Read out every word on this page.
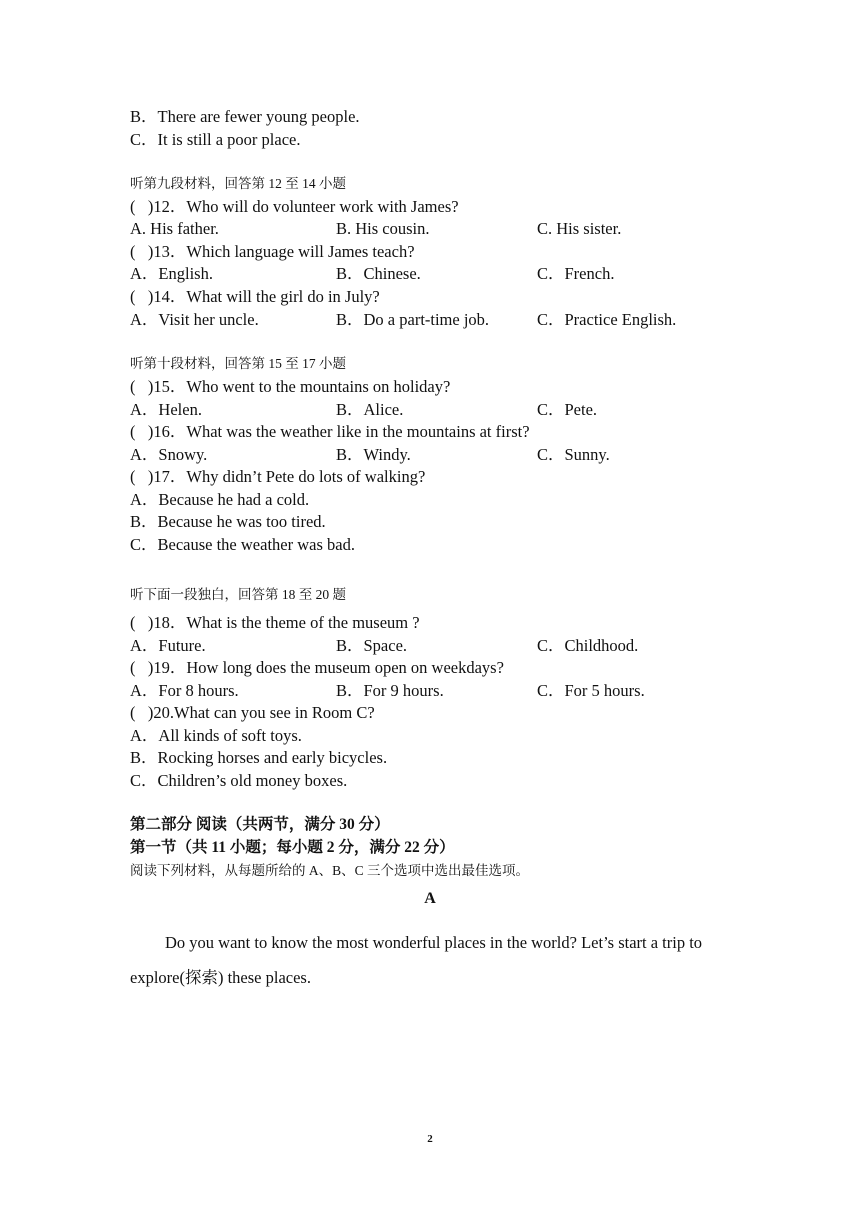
B．There are fewer young people.
C．It is still a poor place.
听第九段材料，回答第 12 至 14 小题
(   )12．Who will do volunteer work with James?
A. His father.	B. His cousin.	C. His sister.
(   )13．Which language will James teach?
A．English.	B．Chinese.	C．French.
(   )14．What will the girl do in July?
A．Visit her uncle.	B．Do a part-time job.	C．Practice English.
听第十段材料，回答第 15 至 17 小题
(   )15．Who went to the mountains on holiday?
A．Helen.	B．Alice.	C．Pete.
(   )16．What was the weather like in the mountains at first?
A．Snowy.	B．Windy.	C．Sunny.
(   )17．Why didn’t Pete do lots of walking?
A．Because he had a cold.
B．Because he was too tired.
C．Because the weather was bad.
听下面一段独白，回答第 18 至 20 题
(   )18．What is the theme of the museum ?
A．Future.	B．Space.	C．Childhood.
(   )19．How long does the museum open on weekdays?
A．For 8 hours.	B．For 9 hours.	C．For 5 hours.
(   )20.What can you see in Room C?
A．All kinds of soft toys.
B．Rocking horses and early bicycles.
C．Children’s old money boxes.
第二部分 阅读（共两节，满分 30 分）
第一节（共 11 小题；每小题 2 分，满分 22 分）
阅读下列材料，从每题所给的 A、B、C 三个选项中选出最佳选项。
A
Do you want to know the most wonderful places in the world? Let’s start a trip to
explore(探索) these places.
2
